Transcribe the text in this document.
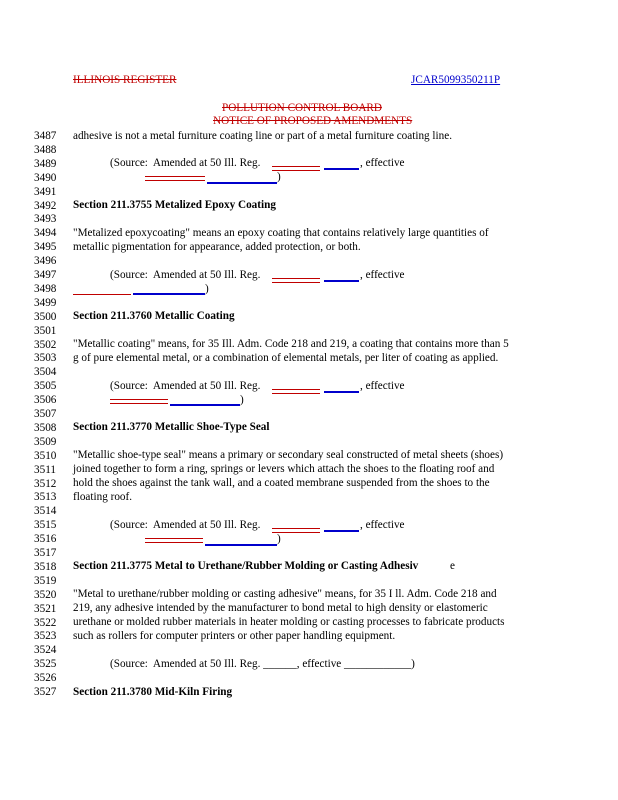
ILLINOIS REGISTER	JCAR5099350211P
POLLUTION CONTROL BOARD
NOTICE OF PROPOSED AMENDMENTS
3487
3488
3489
3490
3491
3492
3493
3494
3495
3496
3497
3498
3499
3500
3501
3502
3503
3504
3505
3506
3507
3508
3509
3510
3511
3512
3513
3514
3515
3516
3517
3518
3519
3520
3521
3522
3523
3524
3525
3526
3527
adhesive is not a metal furniture coating line or part of a metal furniture coating line.
(Source: Amended at 50 Ill. Reg.	, effective
)
Section 211.3755 Metalized Epoxy Coating
"Metalized epoxycoating" means an epoxy coating that contains relatively large quantities of
metallic pigmentation for appearance, added protection, or both.
(Source: Amended at 50 Ill. Reg.	, effective
)
Section 211.3760 Metallic Coating
"Metallic coating" means, for 35 Ill. Adm. Code 218 and 219, a coating that contains more than 5
g of pure elemental metal, or a combination of elemental metals, per liter of coating as applied.
(Source: Amended at 50 Ill. Reg.	, effective
)
Section 211.3770 Metallic Shoe-Type Seal
"Metallic shoe-type seal" means a primary or secondary seal constructed of metal sheets (shoes)
joined together to form a ring, springs or levers which attach the shoes to the floating roof and
hold the shoes against the tank wall, and a coated membrane suspended from the shoes to the
floating roof.
(Source: Amended at 50 Ill. Reg.	, effective
)
Section 211.3775 Metal to Urethane/Rubber Molding or Casting Adhesiv	e
"Metal to urethane/rubber molding or casting adhesive" means, for 35 I ll. Adm. Code 218 and
219, any adhesive intended by the manufacturer to bond metal to high density or elastomeric
urethane or molded rubber materials in heater molding or casting processes to fabricate products
such as rollers for computer printers or other paper handling equipment.
(Source: Amended at 50 Ill. Reg. ______, effective ____________)
Section 211.3780 Mid-Kiln Firing
